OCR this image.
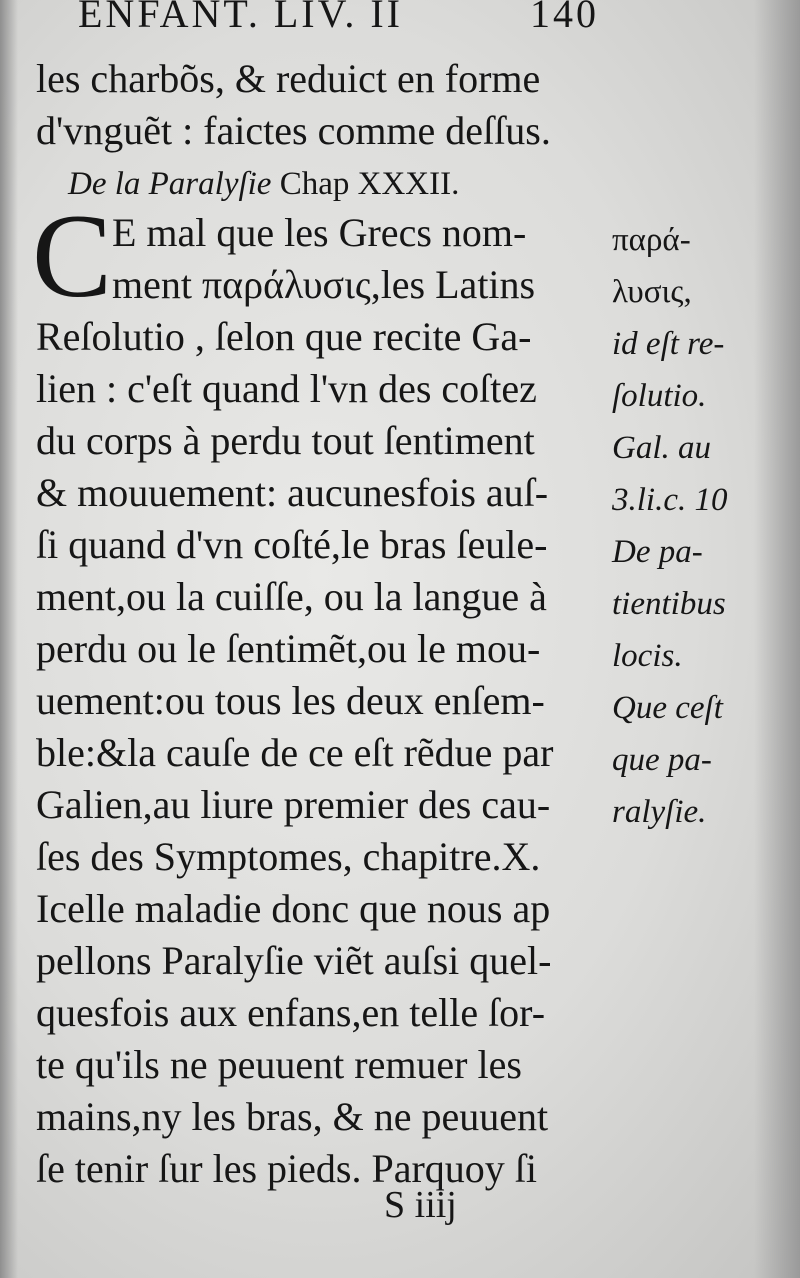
ENFANT. LIV. II	140
les charbõs, & reduict en forme
d'vnguẽt : faictes comme deſſus.
De la Paralyſie Chap XXXII.
C E mal que les Grecs nom-
ment παράλυσις,les Latins
Reſolutio , ſelon que recite Ga-
lien : c'eſt quand l'vn des coſtez
du corps à perdu tout ſentiment
& mouuement: aucunesfois auſ-
ſi quand d'vn coſté,le bras ſeule-
ment,ou la cuiſſe, ou la langue à
perdu ou le ſentimẽt,ou le mou-
uement:ou tous les deux enſem-
ble:&la cauſe de ce eſt rẽdue par
Galien,au liure premier des cau-
ſes des Symptomes, chapitre.X.
Icelle maladie donc que nous ap
pellons Paralyſie viẽt auſsi quel-
quesfois aux enfans,en telle ſor-
te qu'ils ne peuuent remuer les
mains,ny les bras, & ne peuuent
ſe tenir ſur les pieds. Parquoy ſi
παρά-
λυσις,
id eſt re-
ſolutio.
Gal. au
3.li.c. 10
De pa-
tientibus
locis.
Que ceſt
que pa-
ralyſie.
S iiij
